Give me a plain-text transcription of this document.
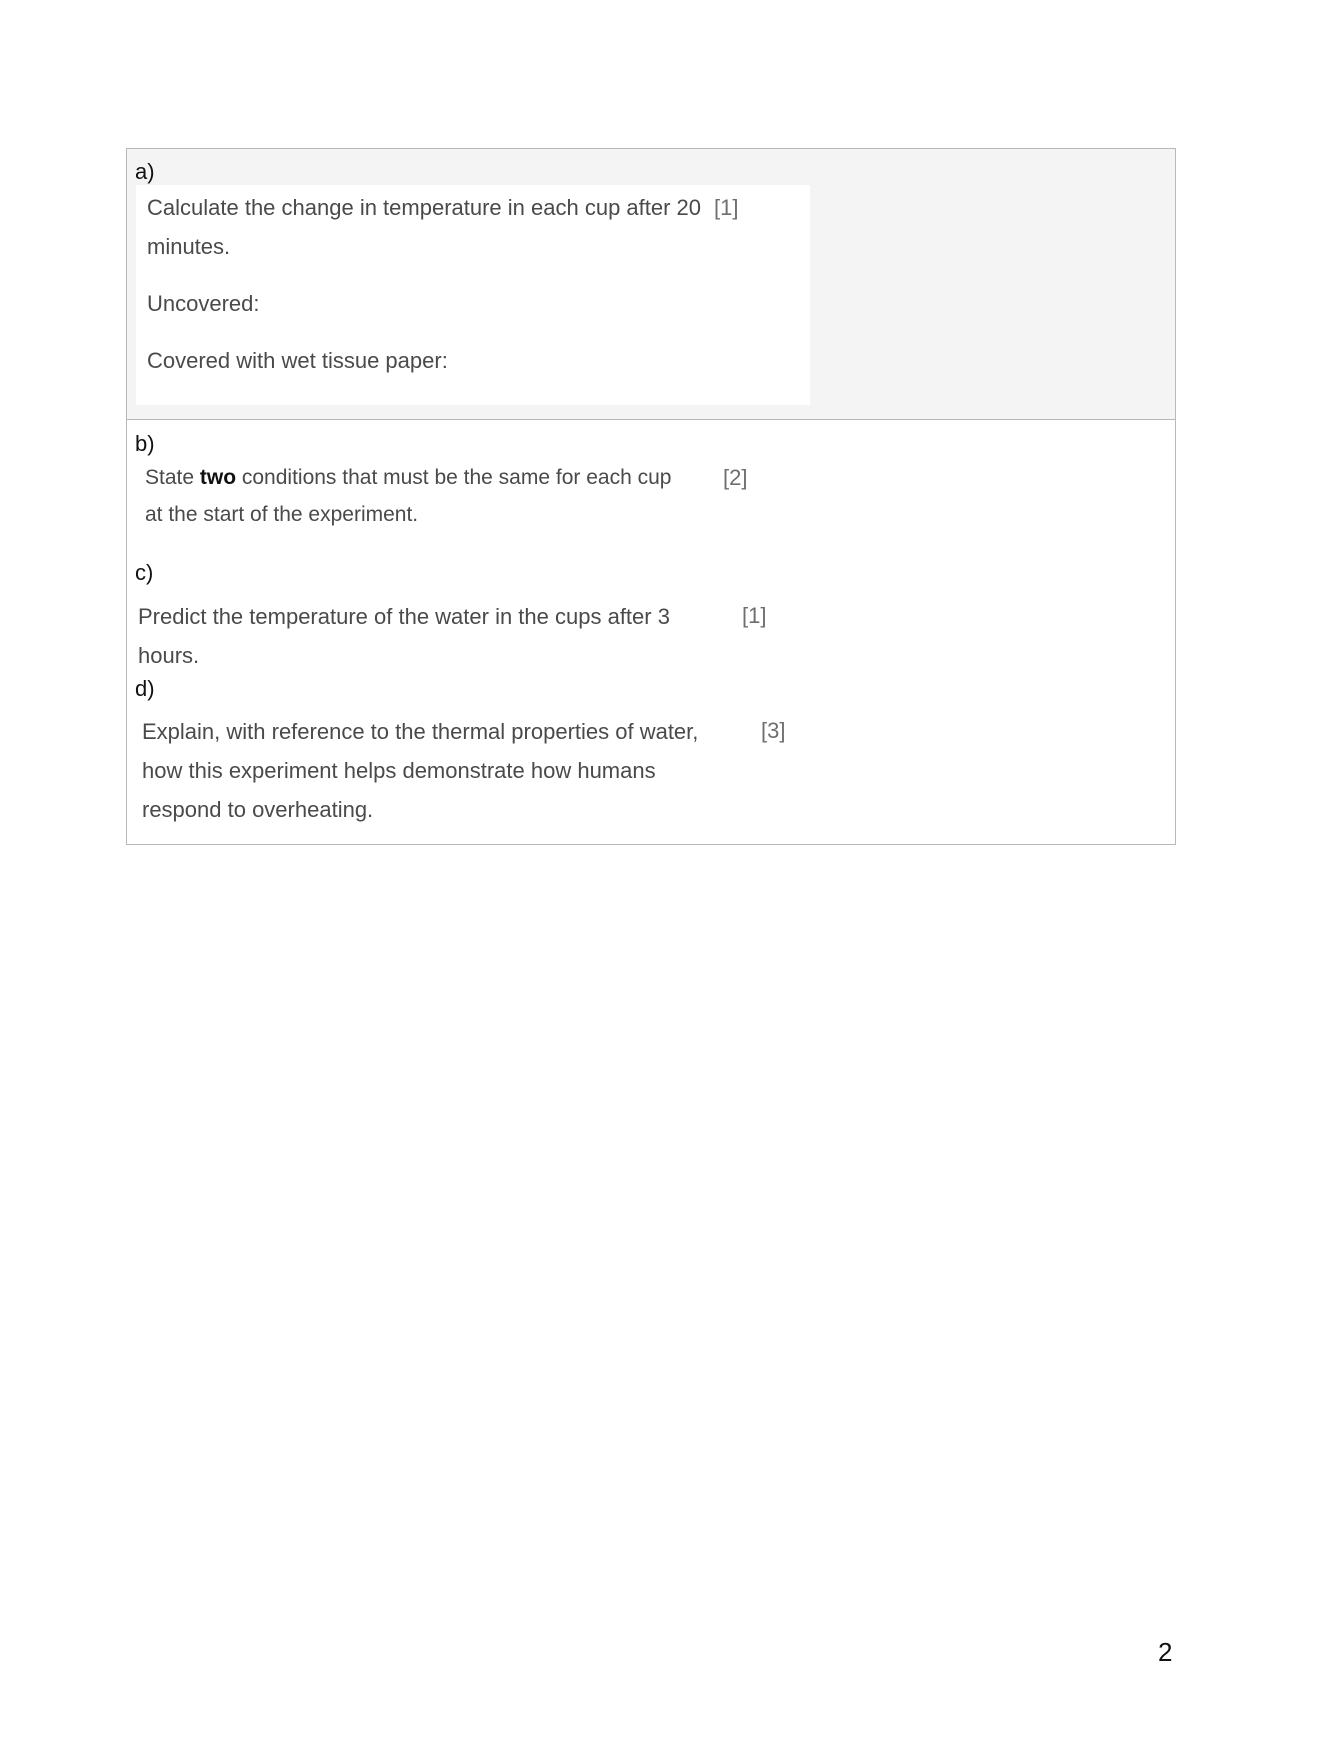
a)
Calculate the change in temperature in each cup after 20
minutes.
[1]
Uncovered:
Covered with wet tissue paper:
b)
State two conditions that must be the same for each cup
at the start of the experiment.
[2]
c)
Predict the temperature of the water in the cups after 3
hours.
[1]
d)
Explain, with reference to the thermal properties of water,
how this experiment helps demonstrate how humans
respond to overheating.
[3]
2
